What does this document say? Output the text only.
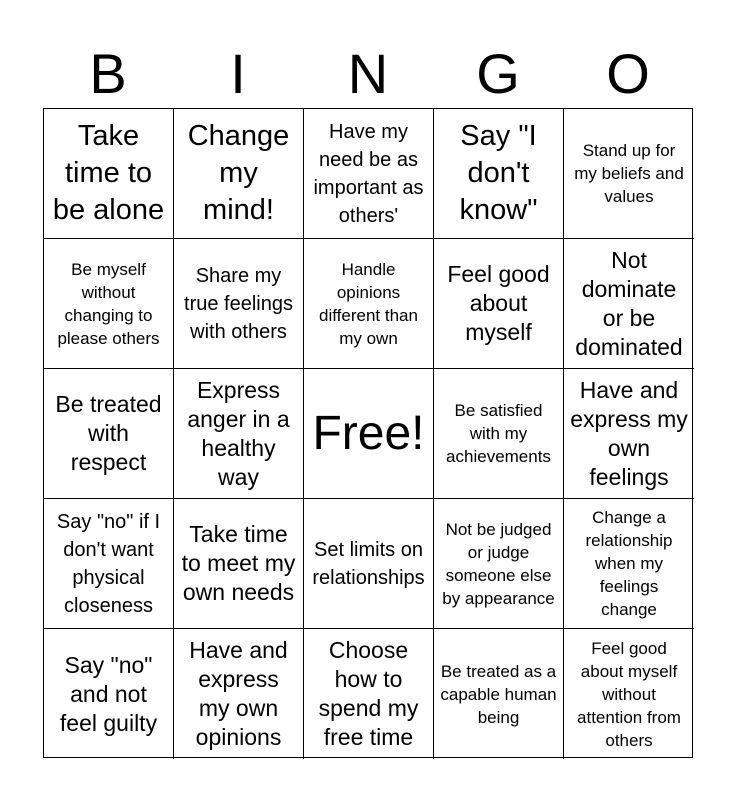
B	I	N	G	O
Take time to be alone
Change my mind!
Have my need be as important as others'
Say "I don't know"
Stand up for my beliefs and values
Be myself without changing to please others
Share my true feelings with others
Handle opinions different than my own
Feel good about myself
Not dominate or be dominated
Be treated with respect
Express anger in a healthy way
Free!	Be satisfied with my achievements
Have and express my own feelings
Say "no" if I don't want physical closeness
Take time to meet my own needs
Set limits on relationships
Not be judged or judge someone else by appearance
Change a relationship when my feelings change
Say "no" and not feel guilty
Have and express my own opinions
Choose how to spend my free time
Be treated as a capable human being
Feel good about myself without attention from others
